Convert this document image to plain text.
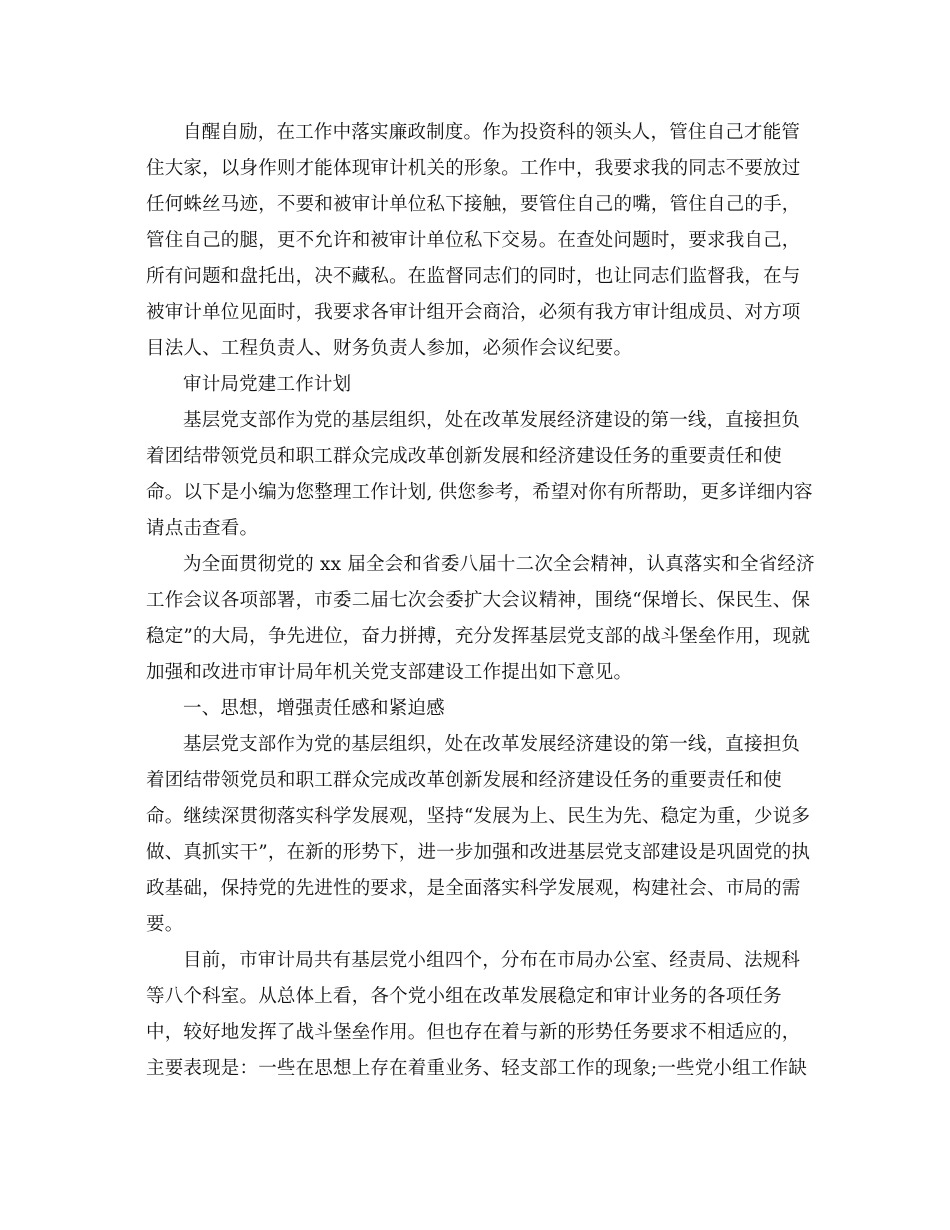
自醒自励，在工作中落实廉政制度。作为投资科的领头人，管住自己才能管
住大家，以身作则才能体现审计机关的形象。工作中，我要求我的同志不要放过
任何蛛丝马迹，不要和被审计单位私下接触，要管住自己的嘴，管住自己的手，
管住自己的腿，更不允许和被审计单位私下交易。在查处问题时，要求我自己，
所有问题和盘托出，决不藏私。在监督同志们的同时，也让同志们监督我，在与
被审计单位见面时，我要求各审计组开会商洽，必须有我方审计组成员、对方项
目法人、工程负责人、财务负责人参加，必须作会议纪要。
审计局党建工作计划
基层党支部作为党的基层组织，处在改革发展经济建设的第一线，直接担负
着团结带领党员和职工群众完成改革创新发展和经济建设任务的重要责任和使
命。以下是小编为您整理工作计划, 供您参考，希望对你有所帮助，更多详细内容
请点击查看。
为全面贯彻党的 xx 届全会和省委八届十二次全会精神，认真落实和全省经济
工作会议各项部署，市委二届七次会委扩大会议精神，围绕“保增长、保民生、保
稳定”的大局，争先进位，奋力拼搏，充分发挥基层党支部的战斗堡垒作用，现就
加强和改进市审计局年机关党支部建设工作提出如下意见。
一、思想，增强责任感和紧迫感
基层党支部作为党的基层组织，处在改革发展经济建设的第一线，直接担负
着团结带领党员和职工群众完成改革创新发展和经济建设任务的重要责任和使
命。继续深贯彻落实科学发展观，坚持“发展为上、民生为先、稳定为重，少说多
做、真抓实干”，在新的形势下，进一步加强和改进基层党支部建设是巩固党的执
政基础，保持党的先进性的要求，是全面落实科学发展观，构建社会、市局的需
要。
目前，市审计局共有基层党小组四个，分布在市局办公室、经责局、法规科
等八个科室。从总体上看，各个党小组在改革发展稳定和审计业务的各项任务
中，较好地发挥了战斗堡垒作用。但也存在着与新的形势任务要求不相适应的，
主要表现是：一些在思想上存在着重业务、轻支部工作的现象;一些党小组工作缺
